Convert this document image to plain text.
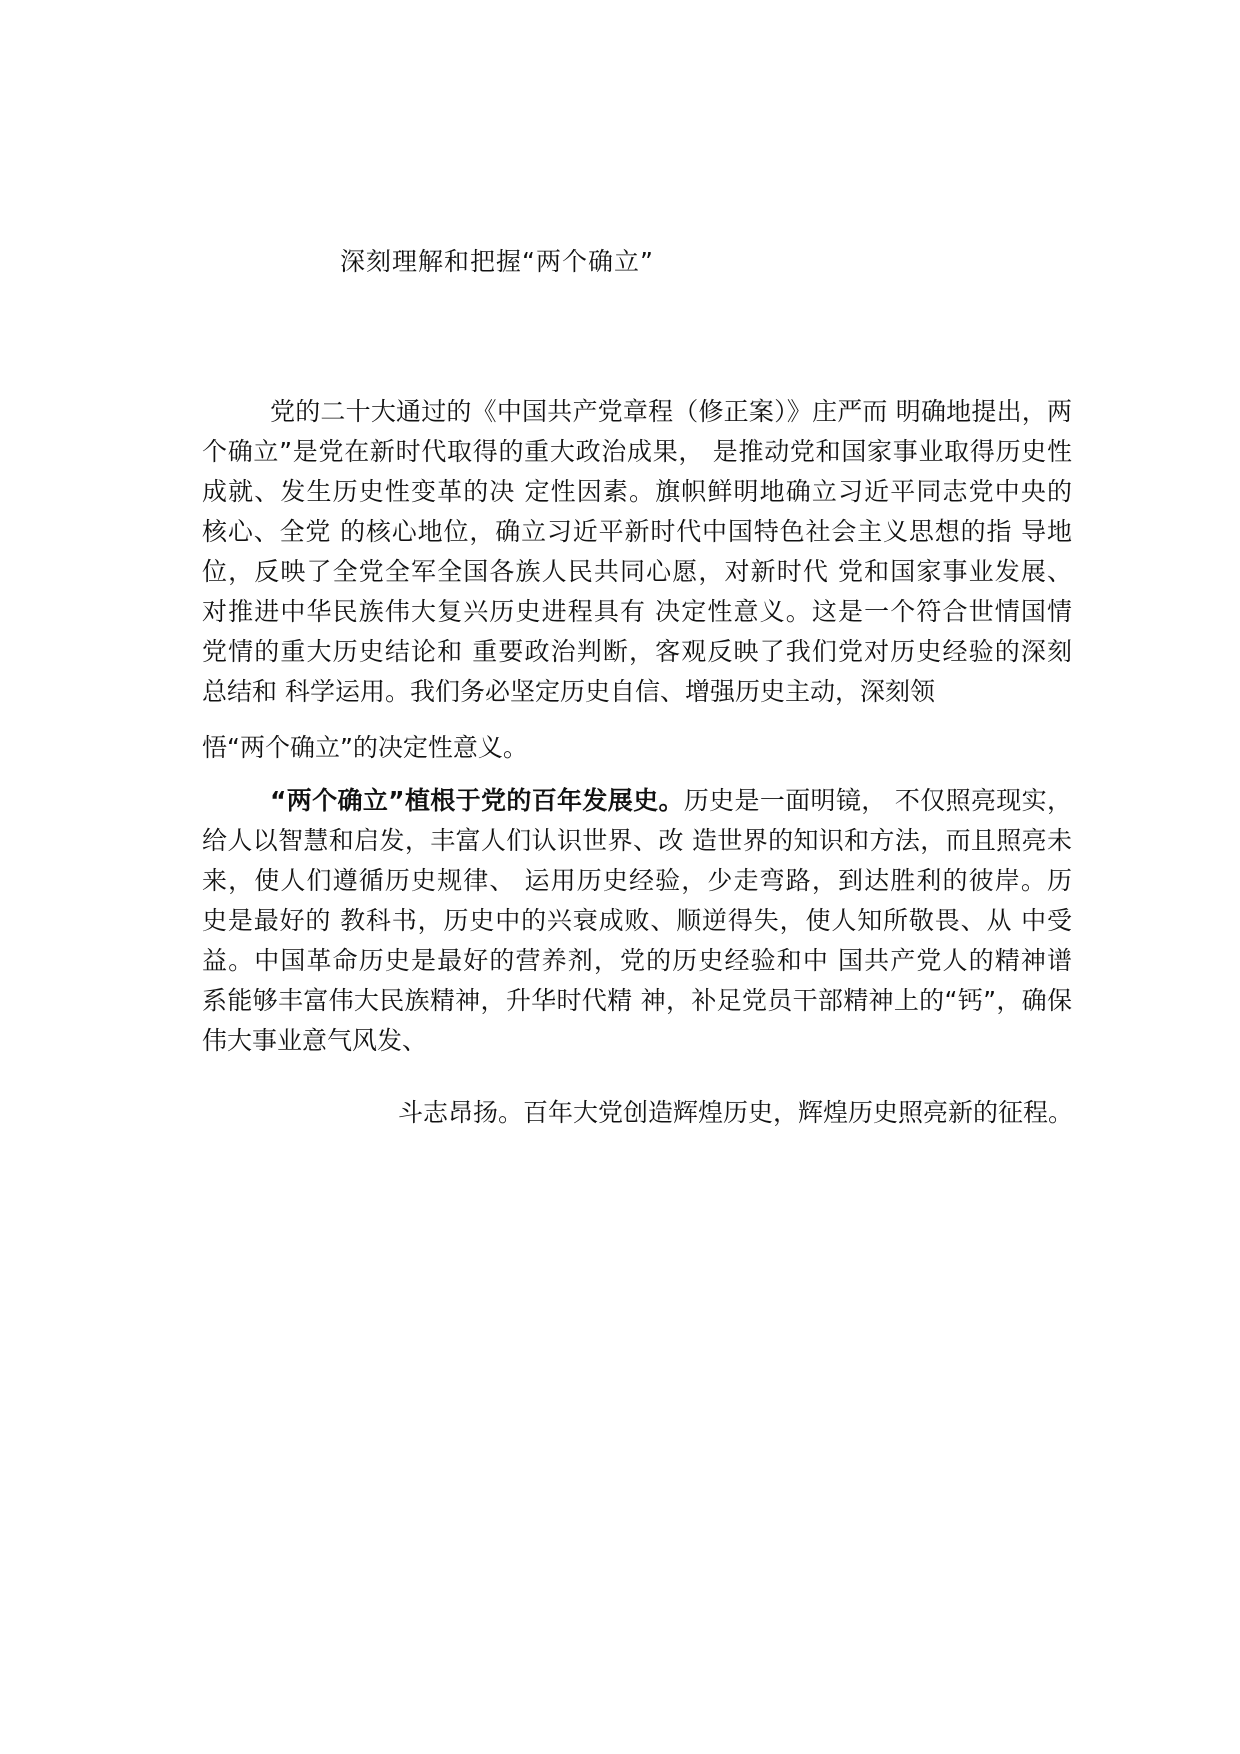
深刻理解和把握“两个确立”
党的二十大通过的《中国共产党章程（修正案）》庄严而 明确地提出，两
个确立”是党在新时代取得的重大政治成果， 是推动党和国家事业取得历史性
成就、发生历史性变革的决 定性因素。旗帜鲜明地确立习近平同志党中央的
核心、全党 的核心地位，确立习近平新时代中国特色社会主义思想的指 导地
位，反映了全党全军全国各族人民共同心愿，对新时代 党和国家事业发展、
对推进中华民族伟大复兴历史进程具有 决定性意义。这是一个符合世情国情
党情的重大历史结论和 重要政治判断，客观反映了我们党对历史经验的深刻
总结和 科学运用。我们务必坚定历史自信、增强历史主动，深刻领
悟“两个确立”的决定性意义。
“两个确立”植根于党的百年发展史。历史是一面明镜， 不仅照亮现实，
给人以智慧和启发，丰富人们认识世界、改 造世界的知识和方法，而且照亮未
来，使人们遵循历史规律、 运用历史经验，少走弯路，到达胜利的彼岸。历
史是最好的 教科书，历史中的兴衰成败、顺逆得失，使人知所敬畏、从 中受
益。中国革命历史是最好的营养剂，党的历史经验和中 国共产党人的精神谱
系能够丰富伟大民族精神，升华时代精 神，补足党员干部精神上的“钙”，确保
伟大事业意气风发、
斗志昂扬。百年大党创造辉煌历史，辉煌历史照亮新的征程。
